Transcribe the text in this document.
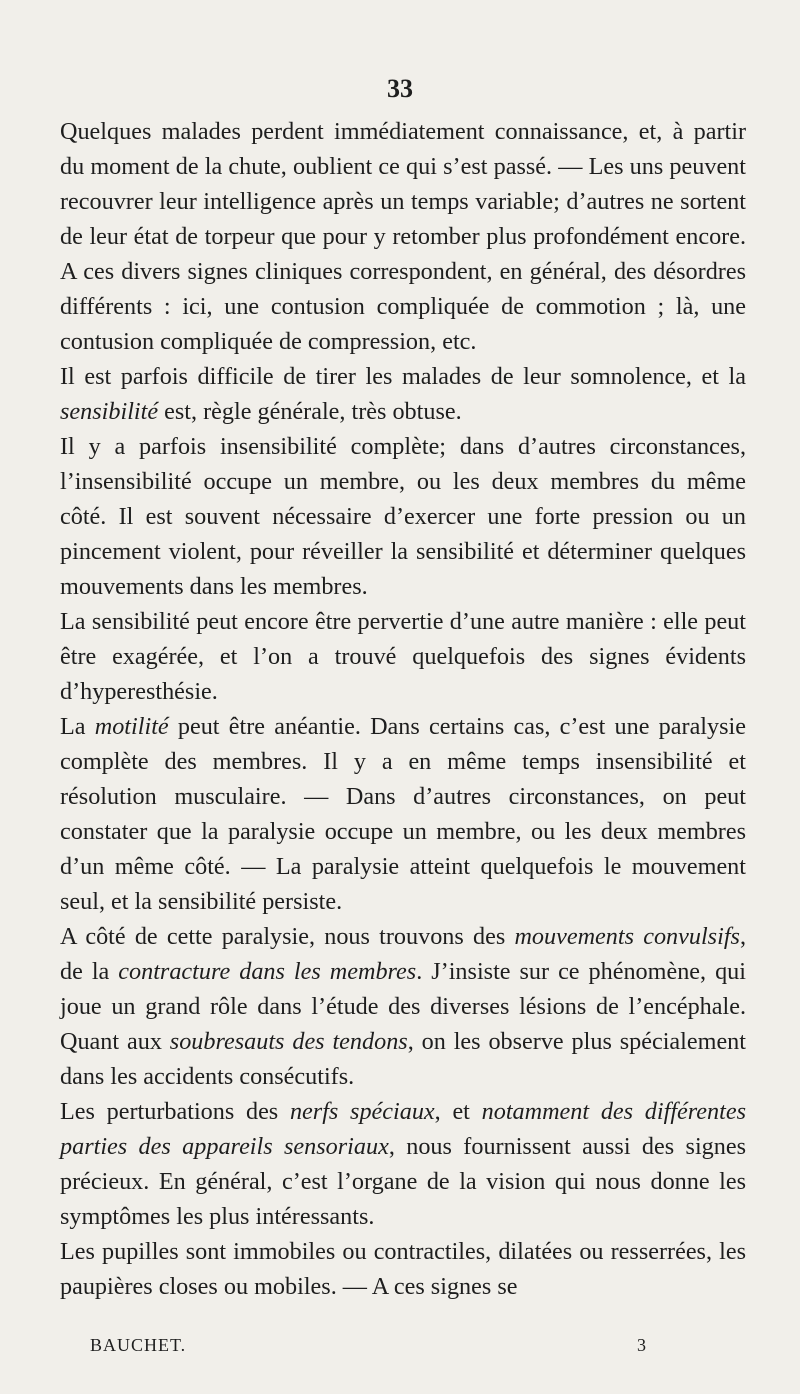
33

Quelques malades perdent immédiatement connaissance, et, à partir du moment de la chute, oublient ce qui s’est passé. — Les uns peuvent recouvrer leur intelligence après un temps variable; d’autres ne sortent de leur état de torpeur que pour y retomber plus profondément encore. A ces divers signes cliniques correspondent, en général, des désordres différents : ici, une contusion compliquée de commotion ; là, une contusion compliquée de compression, etc.

Il est parfois difficile de tirer les malades de leur somnolence, et la sensibilité est, règle générale, très obtuse.

Il y a parfois insensibilité complète; dans d’autres circonstances, l’insensibilité occupe un membre, ou les deux membres du même côté. Il est souvent nécessaire d’exercer une forte pression ou un pincement violent, pour réveiller la sensibilité et déterminer quelques mouvements dans les membres.

La sensibilité peut encore être pervertie d’une autre manière : elle peut être exagérée, et l’on a trouvé quelquefois des signes évidents d’hyperesthésie.

La motilité peut être anéantie. Dans certains cas, c’est une paralysie complète des membres. Il y a en même temps insensibilité et résolution musculaire. — Dans d’autres circonstances, on peut constater que la paralysie occupe un membre, ou les deux membres d’un même côté. — La paralysie atteint quelquefois le mouvement seul, et la sensibilité persiste.

A côté de cette paralysie, nous trouvons des mouvements convulsifs, de la contracture dans les membres. J’insiste sur ce phénomène, qui joue un grand rôle dans l’étude des diverses lésions de l’encéphale. Quant aux soubresauts des tendons, on les observe plus spécialement dans les accidents consécutifs.

Les perturbations des nerfs spéciaux, et notamment des différentes parties des appareils sensoriaux, nous fournissent aussi des signes précieux. En général, c’est l’organe de la vision qui nous donne les symptômes les plus intéressants.

Les pupilles sont immobiles ou contractiles, dilatées ou resserrées, les paupières closes ou mobiles. — A ces signes se

BAUCHET.	3
